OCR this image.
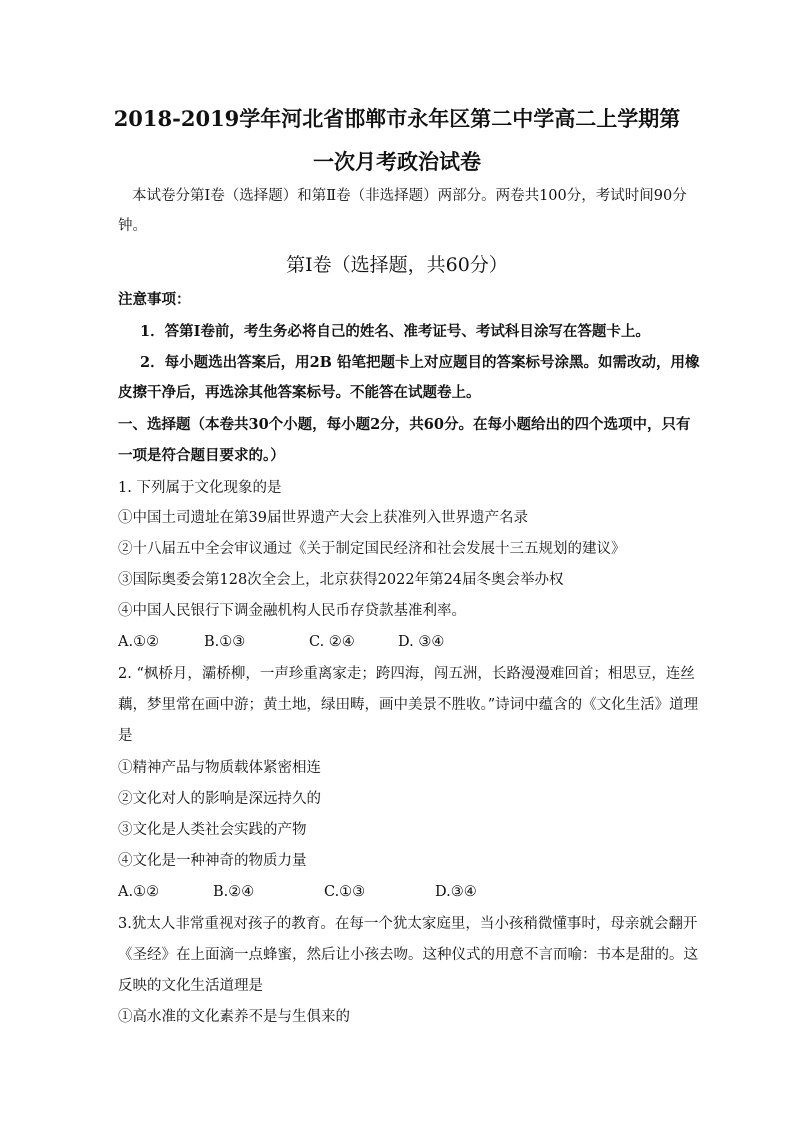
2018-2019学年河北省邯郸市永年区第二中学高二上学期第
一次月考政治试卷
本试卷分第Ⅰ卷（选择题）和第Ⅱ卷（非选择题）两部分。两卷共100分，考试时间90分
钟。
第Ⅰ卷（选择题，共60分）
注意事项：
1．答第Ⅰ卷前，考生务必将自己的姓名、准考证号、考试科目涂写在答题卡上。
2．每小题选出答案后，用2B 铅笔把题卡上对应题目的答案标号涂黑。如需改动，用橡
皮擦干净后，再选涂其他答案标号。不能答在试题卷上。
一、选择题（本卷共30个小题，每小题2分，共60分。在每小题给出的四个选项中，只有
一项是符合题目要求的。）
1. 下列属于文化现象的是
①中国土司遗址在第39届世界遗产大会上获准列入世界遗产名录
②十八届五中全会审议通过《关于制定国民经济和社会发展十三五规划的建议》
③国际奥委会第128次全会上，北京获得2022年第24届冬奥会举办权
④中国人民银行下调金融机构人民币存贷款基准利率。
A.①②	B.①③	C. ②④	D. ③④
2. “枫桥月，灞桥柳，一声珍重离家走；跨四海，闯五洲，长路漫漫难回首；相思豆，连丝
藕，梦里常在画中游；黄土地，绿田畴，画中美景不胜收。”诗词中蕴含的《文化生活》道理
是
①精神产品与物质载体紧密相连
②文化对人的影响是深远持久的
③文化是人类社会实践的产物
④文化是一种神奇的物质力量
A.①②	B.②④	C.①③	D.③④
3.犹太人非常重视对孩子的教育。在每一个犹太家庭里，当小孩稍微懂事时，母亲就会翻开
《圣经》在上面滴一点蜂蜜，然后让小孩去吻。这种仪式的用意不言而喻：书本是甜的。这
反映的文化生活道理是
①高水准的文化素养不是与生俱来的
